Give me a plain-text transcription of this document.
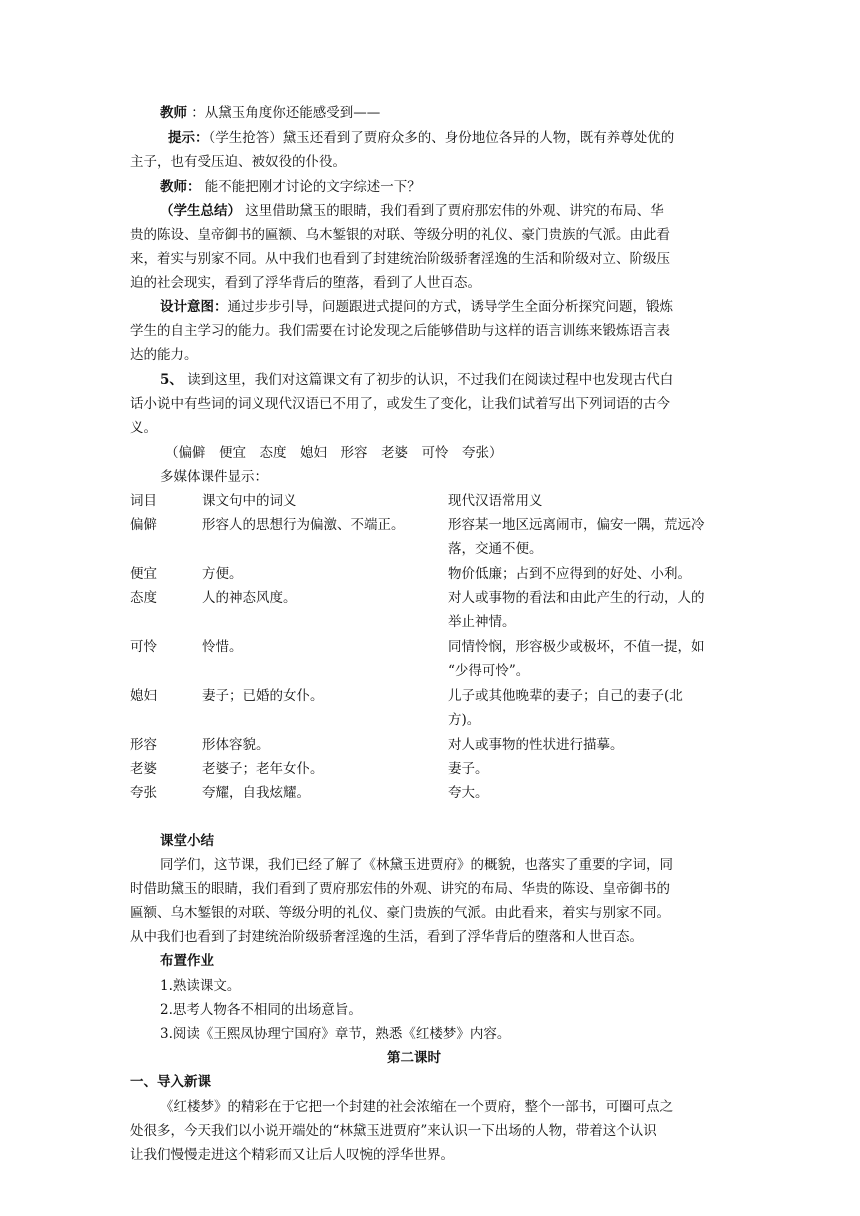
教师 ：从黛玉角度你还能感受到——
提示：（学生抢答）黛玉还看到了贾府众多的、身份地位各异的人物，既有养尊处优的
主子，也有受压迫、被奴役的仆役。
教师： 能不能把刚才讨论的文字综述一下？
（学生总结） 这里借助黛玉的眼睛，我们看到了贾府那宏伟的外观、讲究的布局、华
贵的陈设、皇帝御书的匾额、乌木錾银的对联、等级分明的礼仪、豪门贵族的气派。由此看
来，着实与别家不同。从中我们也看到了封建统治阶级骄奢淫逸的生活和阶级对立、阶级压
迫的社会现实，看到了浮华背后的堕落，看到了人世百态。
设计意图：通过步步引导，问题跟进式提问的方式，诱导学生全面分析探究问题，锻炼
学生的自主学习的能力。我们需要在讨论发现之后能够借助与这样的语言训练来锻炼语言表
达的能力。
5、 读到这里，我们对这篇课文有了初步的认识，不过我们在阅读过程中也发现古代白
话小说中有些词的词义现代汉语已不用了，或发生了变化，让我们试着写出下列词语的古今
义。
（偏僻　便宜　态度　媳妇　形容　老婆　可怜　夸张）
多媒体课件显示：
词目	课文句中的词义	现代汉语常用义
偏僻	形容人的思想行为偏激、不端正。	形容某一地区远离闹市，偏安一隅，荒远冷
落，交通不便。
便宜	方便。	物价低廉；占到不应得到的好处、小利。
态度	人的神态风度。	对人或事物的看法和由此产生的行动，人的
举止神情。
可怜	怜惜。	同情怜悯，形容极少或极坏，不值一提，如
“少得可怜”。
媳妇	妻子；已婚的女仆。	儿子或其他晚辈的妻子；自己的妻子(北
方)。
形容	形体容貌。	对人或事物的性状进行描摹。
老婆	老婆子；老年女仆。	妻子。
夸张	夸耀，自我炫耀。	夸大。
课堂小结
同学们，这节课，我们已经了解了《林黛玉进贾府》的概貌，也落实了重要的字词，同
时借助黛玉的眼睛，我们看到了贾府那宏伟的外观、讲究的布局、华贵的陈设、皇帝御书的
匾额、乌木錾银的对联、等级分明的礼仪、豪门贵族的气派。由此看来，着实与别家不同。
从中我们也看到了封建统治阶级骄奢淫逸的生活，看到了浮华背后的堕落和人世百态。
布置作业
1.熟读课文。
2.思考人物各不相同的出场意旨。
3.阅读《王熙凤协理宁国府》章节，熟悉《红楼梦》内容。
第二课时
一、导入新课
《红楼梦》的精彩在于它把一个封建的社会浓缩在一个贾府，整个一部书，可圈可点之
处很多，今天我们以小说开端处的“林黛玉进贾府”来认识一下出场的人物，带着这个认识
让我们慢慢走进这个精彩而又让后人叹惋的浮华世界。
